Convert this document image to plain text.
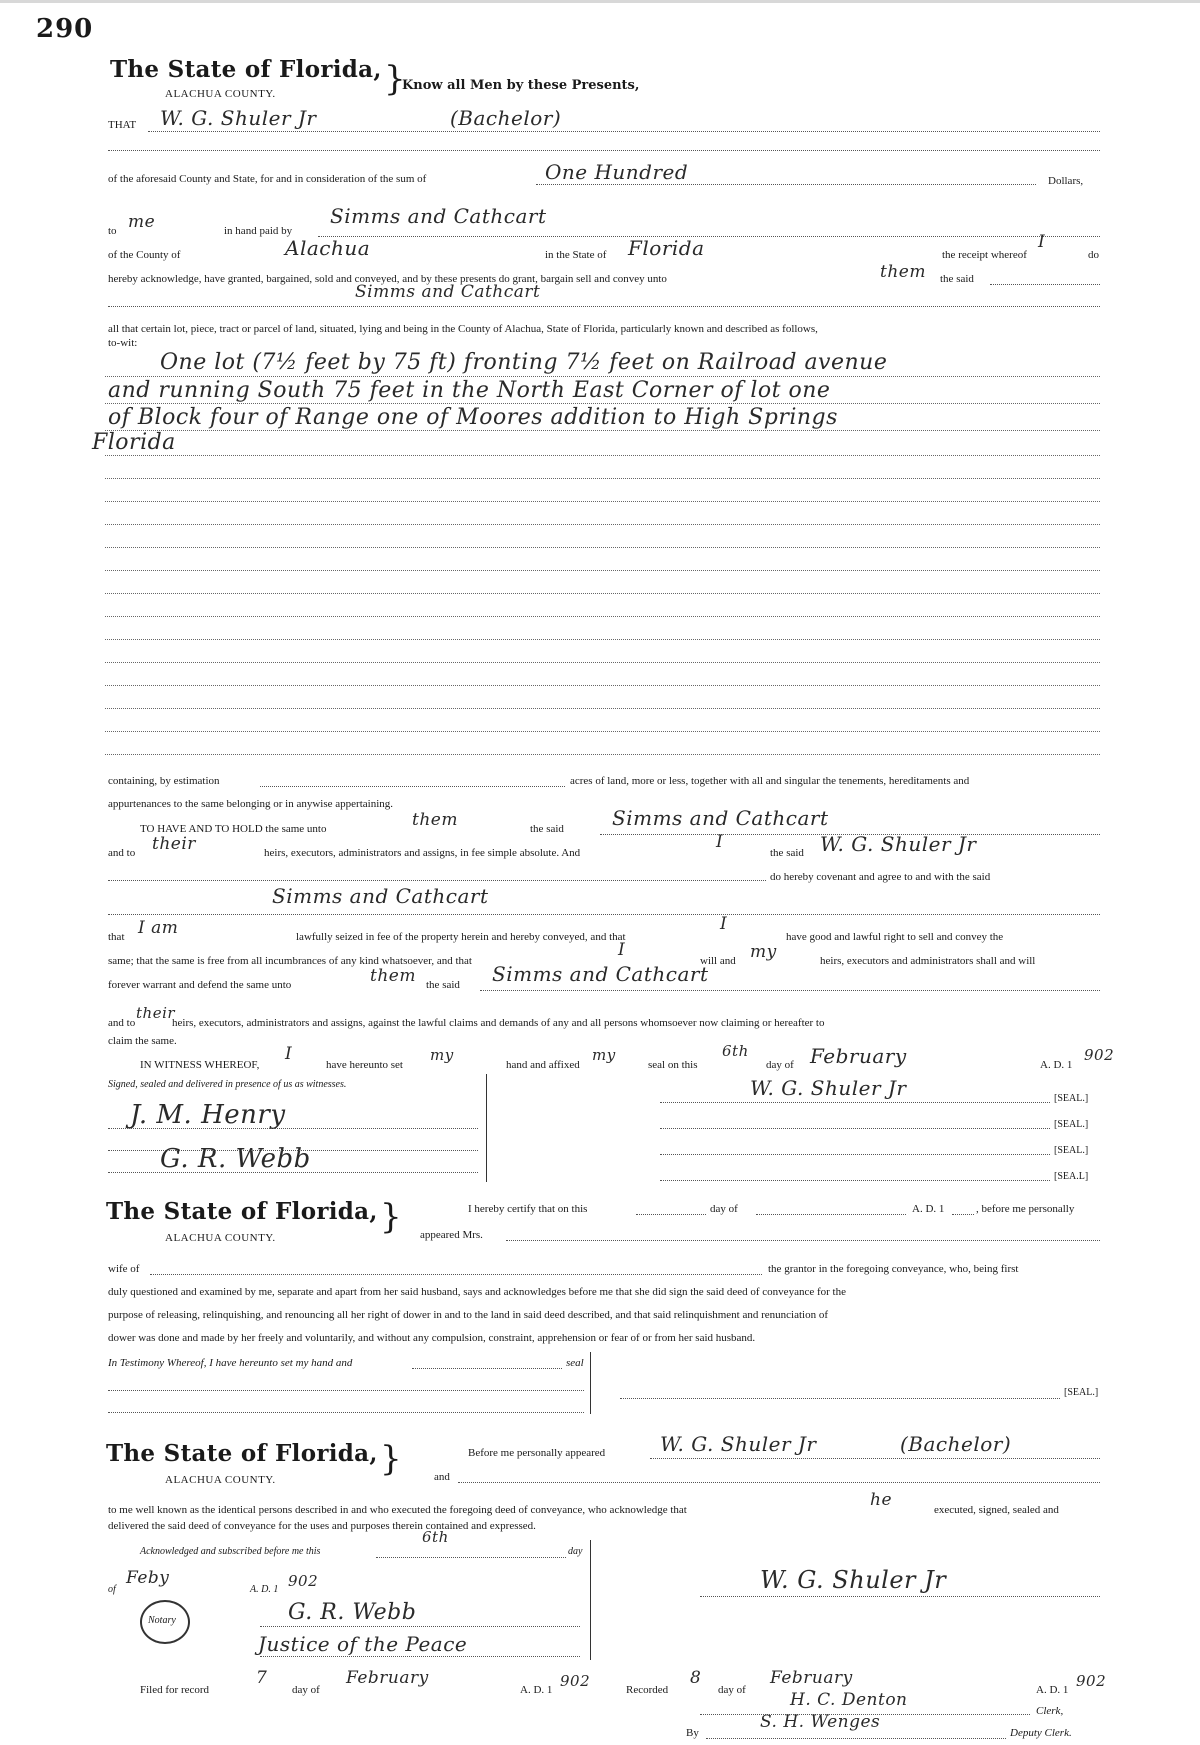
290
The State of Florida,
ALACHUA COUNTY.	}
Know all Men by these Presents,
THAT W. G. Shuler Jr	(Bachelor)
of the aforesaid County and State, for and in consideration of the sum of	One Hundred	Dollars,
to me	in hand paid by
Simms and Cathcart
of the County of	Alachua	in the State of Florida	the receipt whereof
I
do
hereby acknowledge, have granted, bargained, sold and conveyed, and by these presents do grant, bargain sell and convey unto	them the said
Simms and Cathcart
all that certain lot, piece, tract or parcel of land, situated, lying and being in the County of Alachua, State of Florida, particularly known and described as follows,
to-wit:
One lot (7½ feet by 75 ft) fronting 7½ feet on Railroad avenue
and running South 75 feet in the North East Corner of lot one
of Block four of Range one of Moores addition to High Springs
Florida
containing, by estimation	acres of land, more or less, together with all and singular the tenements, hereditaments and
appurtenances to the same belonging or in anywise appertaining.
TO HAVE AND TO HOLD the same unto	them	the said Simms and Cathcart
and to their	heirs, executors, administrators and assigns, in fee simple absolute. And
I
the said W. G. Shuler Jr
do hereby covenant and agree to and with the said
Simms and Cathcart
that I am	lawfully seized in fee of the property herein and hereby conveyed, and that
I
have good and lawful right to sell and convey the
same; that the same is free from all incumbrances of any kind whatsoever, and that
I
will and my	heirs, executors and administrators shall and will
forever warrant and defend the same unto	them the said Simms and Cathcart
and to
their
heirs, executors, administrators and assigns, against the lawful claims and demands of any and all persons whomsoever now claiming or hereafter to
claim the same.
IN WITNESS WHEREOF,
I
have hereunto set
my
hand and affixed
my
seal on this
6th
day of February	A. D. 1
902
Signed, sealed and delivered in presence of us as witnesses.
J. M. Henry
G. R. Webb
W. G. Shuler Jr	[SEAL.]
[SEAL.]
[SEAL.]
[SEA.L]
The State of Florida,
ALACHUA COUNTY.
}	I hereby certify that on this	day of	A. D. 1	, before me personally
appeared Mrs.
wife of	the grantor in the foregoing conveyance, who, being first
duly questioned and examined by me, separate and apart from her said husband, says and acknowledges before me that she did sign the said deed of conveyance for the
purpose of releasing, relinquishing, and renouncing all her right of dower in and to the land in said deed described, and that said relinquishment and renunciation of
dower was done and made by her freely and voluntarily, and without any compulsion, constraint, apprehension or fear of or from her said husband.
In Testimony Whereof, I have hereunto set my hand and	seal
[SEAL.]
The State of Florida,
ALACHUA COUNTY.
}	Before me personally appeared	W. G. Shuler Jr	(Bachelor)
and
to me well known as the identical persons described in and who executed the foregoing deed of conveyance, who acknowledge that	he	executed, signed, sealed and
delivered the said deed of conveyance for the uses and purposes therein contained and expressed.
Acknowledged and subscribed before me this
6th
day
of
Feby
A. D. 1 902
Notary	G. R. Webb
Justice of the Peace
W. G. Shuler Jr
Filed for record
7
day of
February
A. D. 1 902	Recorded
8
day of
February
A. D. 1 902
H. C. Denton
Clerk,
By
S. H. Wenges
Deputy Clerk.
